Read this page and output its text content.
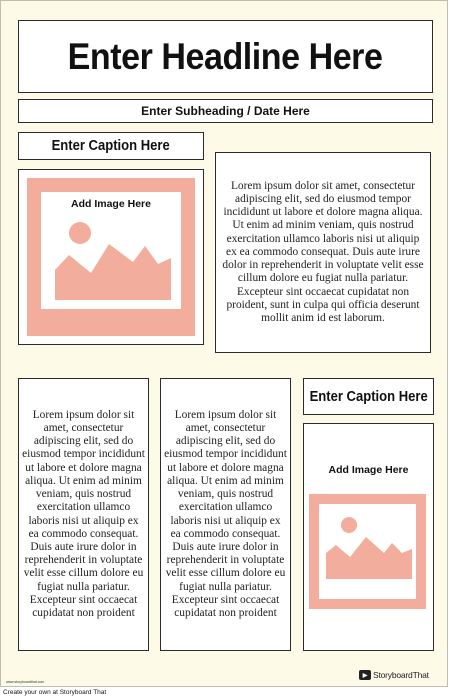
Enter Headline Here
Enter Subheading / Date Here
Enter Caption Here
Add Image Here
Lorem ipsum dolor sit amet, consectetur adipiscing elit, sed do eiusmod tempor incididunt ut labore et dolore magna aliqua. Ut enim ad minim veniam, quis nostrud exercitation ullamco laboris nisi ut aliquip ex ea commodo consequat. Duis aute irure dolor in reprehenderit in voluptate velit esse cillum dolore eu fugiat nulla pariatur. Excepteur sint occaecat cupidatat non proident, sunt in culpa qui officia deserunt mollit anim id est laborum.
Lorem ipsum dolor sit amet, consectetur adipiscing elit, sed do eiusmod tempor incididunt ut labore et dolore magna aliqua. Ut enim ad minim veniam, quis nostrud exercitation ullamco laboris nisi ut aliquip ex ea commodo consequat. Duis aute irure dolor in reprehenderit in voluptate velit esse cillum dolore eu fugiat nulla pariatur. Excepteur sint occaecat cupidatat non proident
Lorem ipsum dolor sit amet, consectetur adipiscing elit, sed do eiusmod tempor incididunt ut labore et dolore magna aliqua. Ut enim ad minim veniam, quis nostrud exercitation ullamco laboris nisi ut aliquip ex ea commodo consequat. Duis aute irure dolor in reprehenderit in voluptate velit esse cillum dolore eu fugiat nulla pariatur. Excepteur sint occaecat cupidatat non proident
Enter Caption Here
Add Image Here
www.storyboardthat.com
▶ StoryboardThat
Create your own at Storyboard That
